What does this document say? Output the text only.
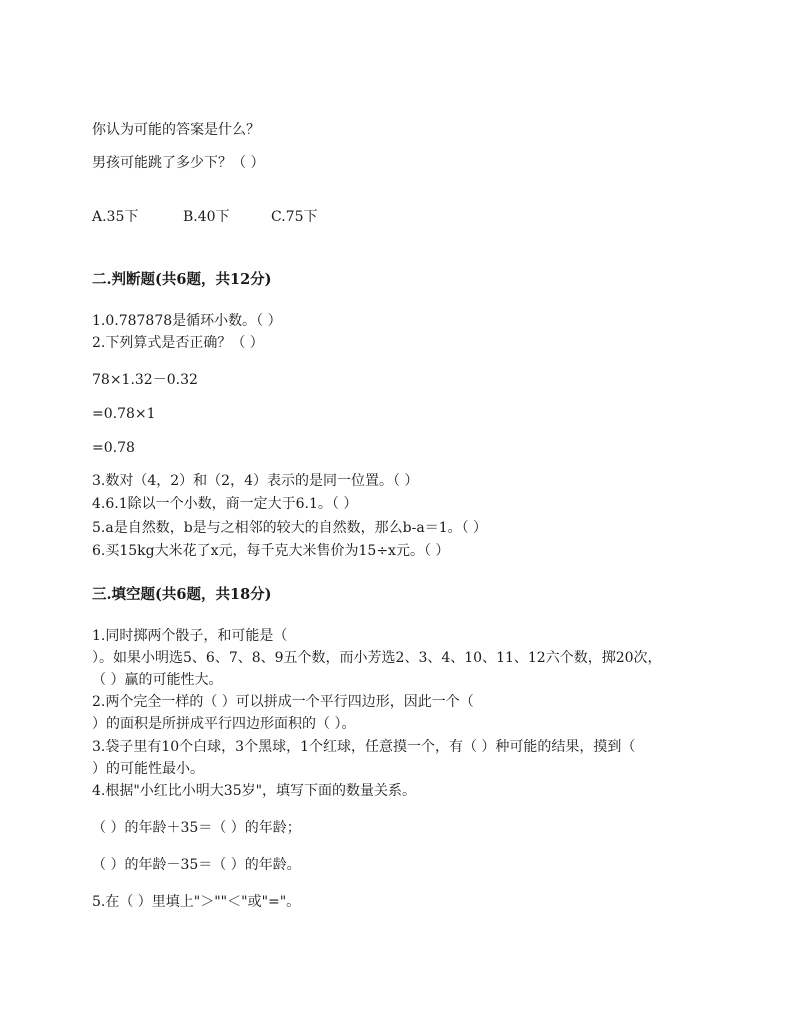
你认为可能的答案是什么？
男孩可能跳了多少下？（ ）
A.35下	B.40下	C.75下
二.判断题(共6题，共12分)
1.0.787878是循环小数。（ ）
2.下列算式是否正确？（ ）
78×1.32－0.32
=0.78×1
=0.78
3.数对（4，2）和（2，4）表示的是同一位置。（ ）
4.6.1除以一个小数，商一定大于6.1。（ ）
5.a是自然数，b是与之相邻的较大的自然数，那么b-a＝1。（ ）
6.买15kg大米花了x元，每千克大米售价为15÷x元。（ ）
三.填空题(共6题，共18分)
1.同时掷两个骰子，和可能是（
）。如果小明选5、6、7、8、9五个数，而小芳选2、3、4、10、11、12六个数，掷20次，
（ ）赢的可能性大。
2.两个完全一样的（ ）可以拼成一个平行四边形，因此一个（
）的面积是所拼成平行四边形面积的（ ）。
3.袋子里有10个白球，3个黑球，1个红球，任意摸一个，有（ ）种可能的结果，摸到（
）的可能性最小。
4.根据"小红比小明大35岁"，填写下面的数量关系。
（ ）的年龄＋35＝（ ）的年龄；
（ ）的年龄－35＝（ ）的年龄。
5.在（ ）里填上"＞""＜"或"="。
